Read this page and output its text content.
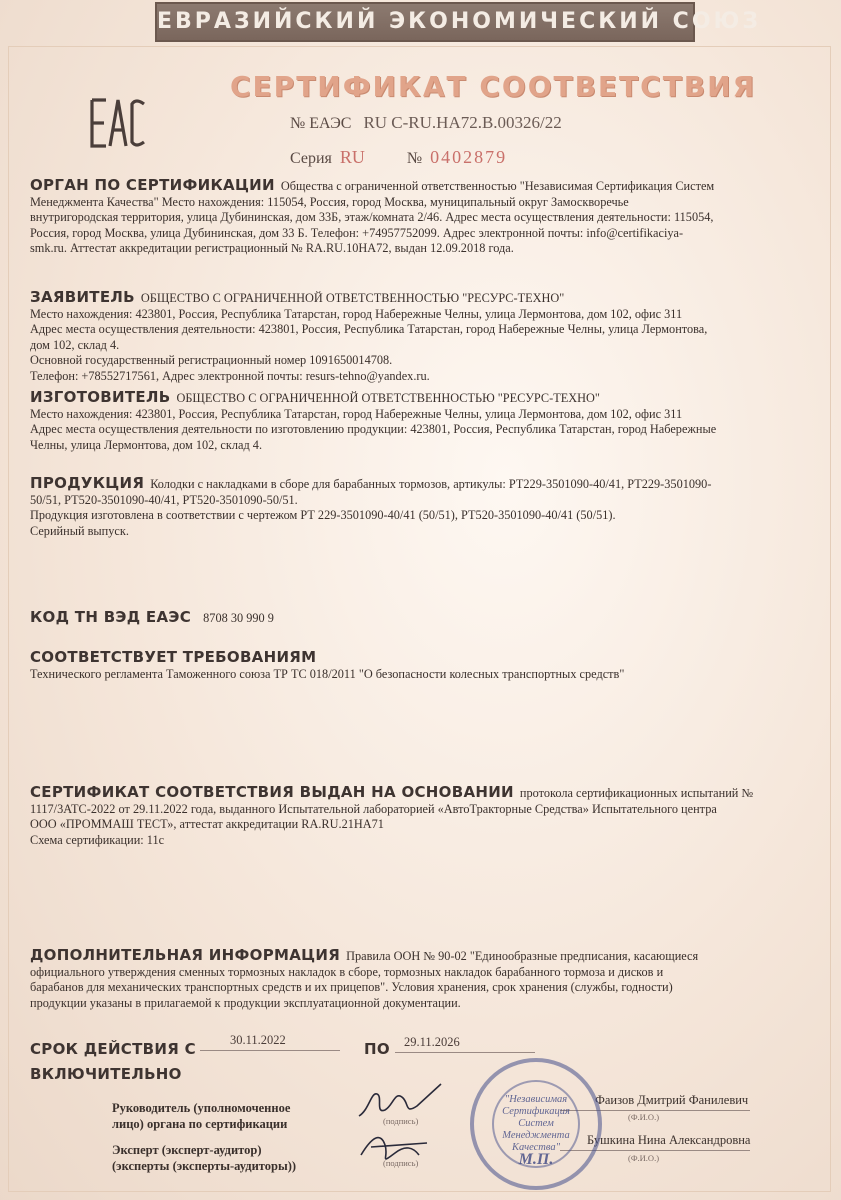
ЕВРАЗИЙСКИЙ ЭКОНОМИЧЕСКИЙ СОЮЗ
СЕРТИФИКАТ СООТВЕТСТВИЯ
№ ЕАЭС RU С-RU.НА72.В.00326/22
Серия RU	№ 0402879
ОРГАН ПО СЕРТИФИКАЦИИ Общества с ограниченной ответственностью "Независимая Сертификация Систем
Менеджмента Качества" Место нахождения: 115054, Россия, город Москва, муниципальный округ Замоскворечье
внутригородская территория, улица Дубининская, дом 33Б, этаж/комната 2/46. Адрес места осуществления деятельности: 115054,
Россия, город Москва, улица Дубининская, дом 33 Б. Телефон: +74957752099. Адрес электронной почты: info@certifikaciya-
smk.ru. Аттестат аккредитации регистрационный № RA.RU.10HA72, выдан 12.09.2018 года.
ЗАЯВИТЕЛЬ ОБЩЕСТВО С ОГРАНИЧЕННОЙ ОТВЕТСТВЕННОСТЬЮ "РЕСУРС-ТЕХНО"
Место нахождения: 423801, Россия, Республика Татарстан, город Набережные Челны, улица Лермонтова, дом 102, офис 311
Адрес места осуществления деятельности: 423801, Россия, Республика Татарстан, город Набережные Челны, улица Лермонтова,
дом 102, склад 4.
Основной государственный регистрационный номер 1091650014708.
Телефон: +78552717561, Адрес электронной почты: resurs-tehno@yandex.ru.
ИЗГОТОВИТЕЛЬ ОБЩЕСТВО С ОГРАНИЧЕННОЙ ОТВЕТСТВЕННОСТЬЮ "РЕСУРС-ТЕХНО"
Место нахождения: 423801, Россия, Республика Татарстан, город Набережные Челны, улица Лермонтова, дом 102, офис 311
Адрес места осуществления деятельности по изготовлению продукции: 423801, Россия, Республика Татарстан, город Набережные
Челны, улица Лермонтова, дом 102, склад 4.
ПРОДУКЦИЯ Колодки с накладками в сборе для барабанных тормозов, артикулы: РТ229-3501090-40/41, РТ229-3501090-
50/51, РТ520-3501090-40/41, РТ520-3501090-50/51.
Продукция изготовлена в соответствии с чертежом РТ 229-3501090-40/41 (50/51), РТ520-3501090-40/41 (50/51).
Серийный выпуск.
КОД ТН ВЭД ЕАЭС 8708 30 990 9
СООТВЕТСТВУЕТ ТРЕБОВАНИЯМ
Технического регламента Таможенного союза ТР ТС 018/2011 "О безопасности колесных транспортных средств"
СЕРТИФИКАТ СООТВЕТСТВИЯ ВЫДАН НА ОСНОВАНИИ протокола сертификационных испытаний №
1117/3АТС-2022 от 29.11.2022 года, выданного Испытательной лабораторией «АвтоТракторные Средства» Испытательного центра
ООО «ПРОММАШ ТЕСТ», аттестат аккредитации RA.RU.21HA71
Схема сертификации: 11с
ДОПОЛНИТЕЛЬНАЯ ИНФОРМАЦИЯ Правила ООН № 90-02 "Единообразные предписания, касающиеся
официального утверждения сменных тормозных накладок в сборе, тормозных накладок барабанного тормоза и дисков и
барабанов для механических транспортных средств и их прицепов". Условия хранения, срок хранения (службы, годности)
продукции указаны в прилагаемой к продукции эксплуатационной документации.
СРОК ДЕЙСТВИЯ С
ВКЛЮЧИТЕЛЬНО
30.11.2022	ПО	29.11.2026
Руководитель (уполномоченное
лицо) органа по сертификации	(подпись)
Фаизов Дмитрий Фанилевич
(Ф.И.О.)
Эксперт (эксперт-аудитор)
(эксперты (эксперты-аудиторы))	(подпись)
Бушкина Нина Александровна
(Ф.И.О.)
"Независимая Сертификация Систем Менеджмента Качества"
М.П.
